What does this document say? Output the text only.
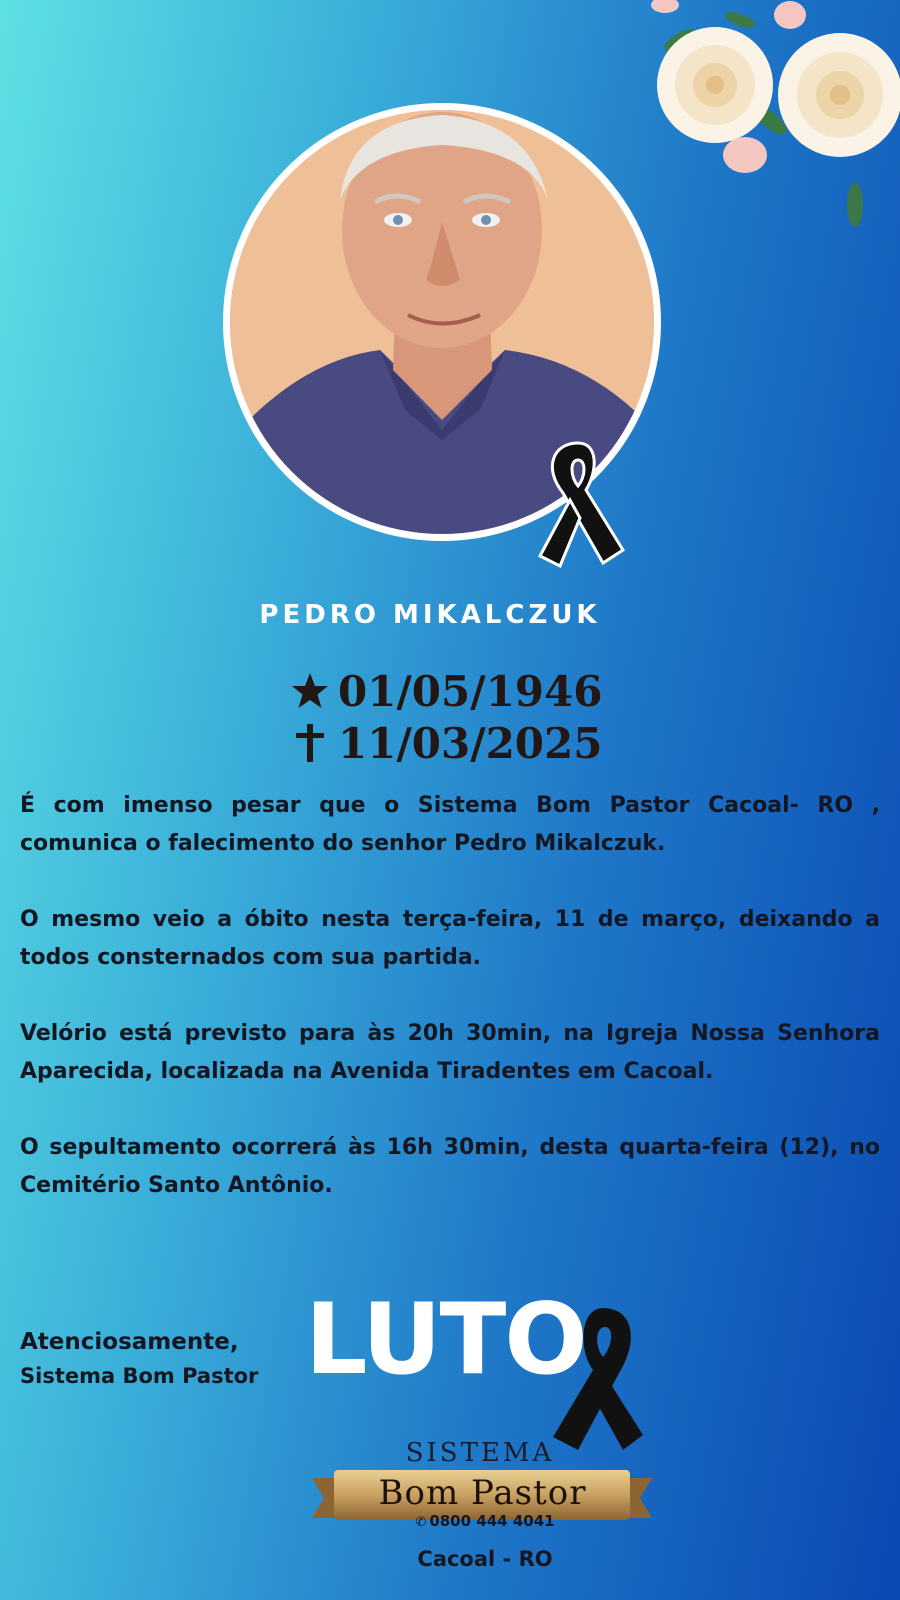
PEDRO MIKALCZUK
01/05/1946
11/03/2025

É com imenso pesar que o Sistema Bom Pastor Cacoal- RO , comunica o falecimento do senhor Pedro Mikalczuk.

O mesmo veio a óbito nesta terça-feira, 11 de março, deixando a todos consternados com sua partida.

Velório está previsto para às 20h 30min, na Igreja Nossa Senhora Aparecida, localizada na Avenida Tiradentes em Cacoal.

O sepultamento ocorrerá às 16h 30min, desta quarta-feira (12), no Cemitério Santo Antônio.

Atenciosamente,
Sistema Bom Pastor LUTO
SISTEMA
Bom Pastor
✆ 0800 444 4041
Cacoal - RO
